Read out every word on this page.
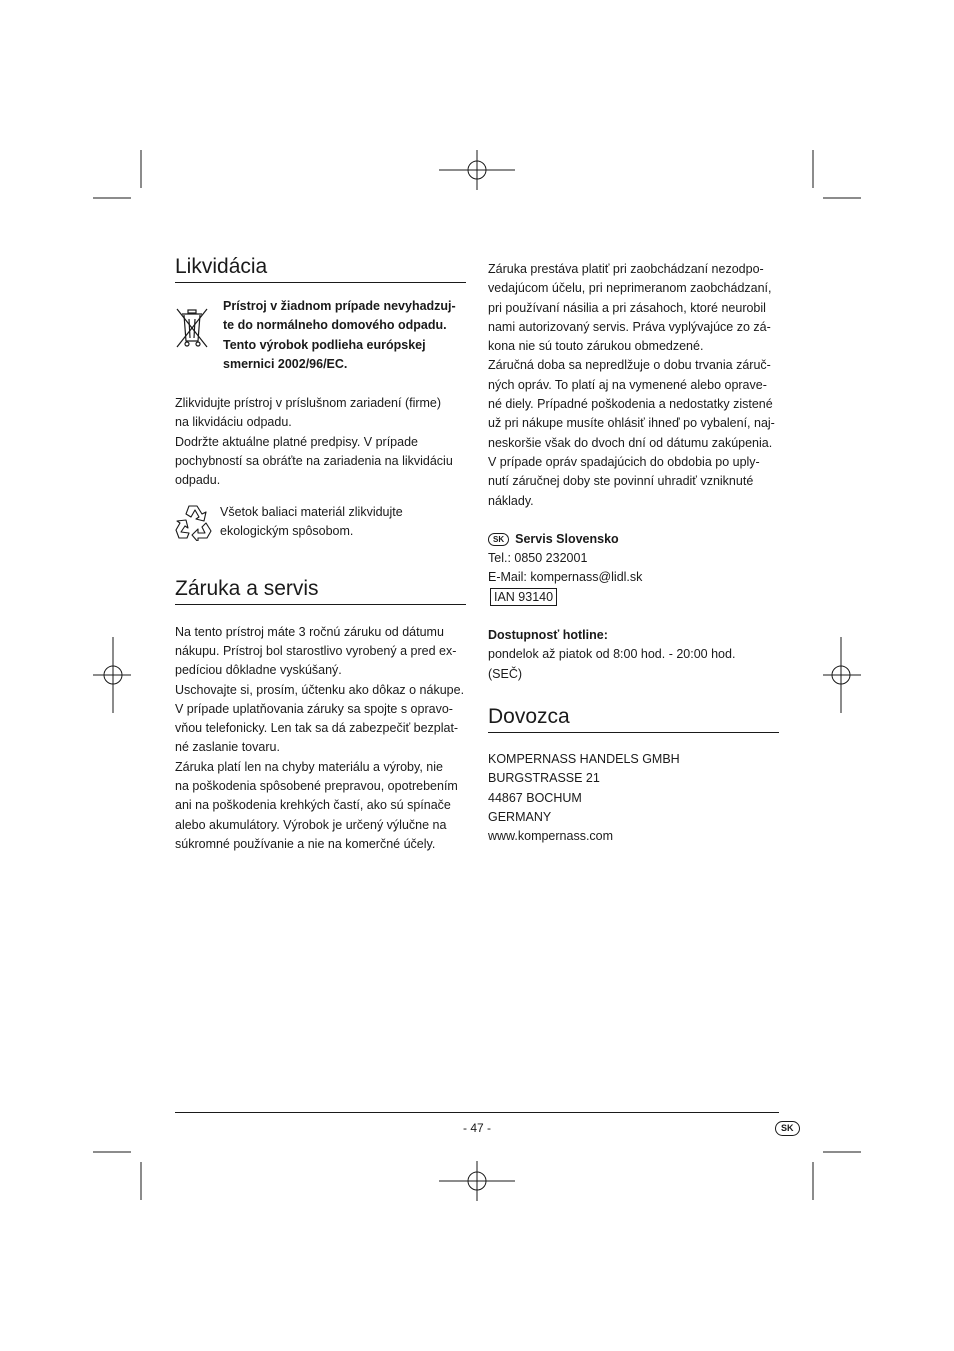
Likvidácia

Prístroj v žiadnom prípade nevyhadzuj-

te do normálneho domového odpadu.

Tento výrobok podlieha európskej

smernici 2002/96/EC.

Zlikvidujte prístroj v príslušnom zariadení (firme)

na likvidáciu odpadu.

Dodržte aktuálne platné predpisy. V prípade

pochybností sa obráťte na zariadenia na likvidáciu

odpadu.

Všetok baliaci materiál zlikvidujte

ekologickým spôsobom.

Záruka a servis

Na tento prístroj máte 3 ročnú záruku od dátumu

nákupu. Prístroj bol starostlivo vyrobený a pred ex-

pedíciou dôkladne vyskúšaný.

Uschovajte si, prosím, účtenku ako dôkaz o nákupe.

V prípade uplatňovania záruky sa spojte s opravo-

vňou telefonicky. Len tak sa dá zabezpečiť bezplat-

né zaslanie tovaru.

Záruka platí len na chyby materiálu a výroby, nie

na poškodenia spôsobené prepravou, opotrebením

ani na poškodenia krehkých častí, ako sú spínače

alebo akumulátory. Výrobok je určený výlučne na

súkromné používanie a nie na komerčné účely.

Záruka prestáva platiť pri zaobchádzaní nezodpo-

vedajúcom účelu, pri neprimeranom zaobchádzaní,

pri používaní násilia a pri zásahoch, ktoré neurobil

nami autorizovaný servis. Práva vyplývajúce zo zá-

kona nie sú touto zárukou obmedzené.

Záručná doba sa nepredlžuje o dobu trvania záruč-

ných opráv. To platí aj na vymenené alebo oprave-

né diely. Prípadné poškodenia a nedostatky zistené

už pri nákupe musíte ohlásiť ihneď po vybalení, naj-

neskoršie však do dvoch dní od dátumu zakúpenia.

V prípade opráv spadajúcich do obdobia po uply-

nutí záručnej doby ste povinní uhradiť vzniknuté

náklady.

SK Servis Slovensko

Tel.: 0850 232001

E-Mail: kompernass@lidl.sk

IAN 93140

Dostupnosť hotline:

pondelok až piatok od 8:00 hod. - 20:00 hod.

(SEČ)

Dovozca

KOMPERNASS HANDELS GMBH

BURGSTRASSE 21

44867 BOCHUM

GERMANY

www.kompernass.com

- 47 -	SK
